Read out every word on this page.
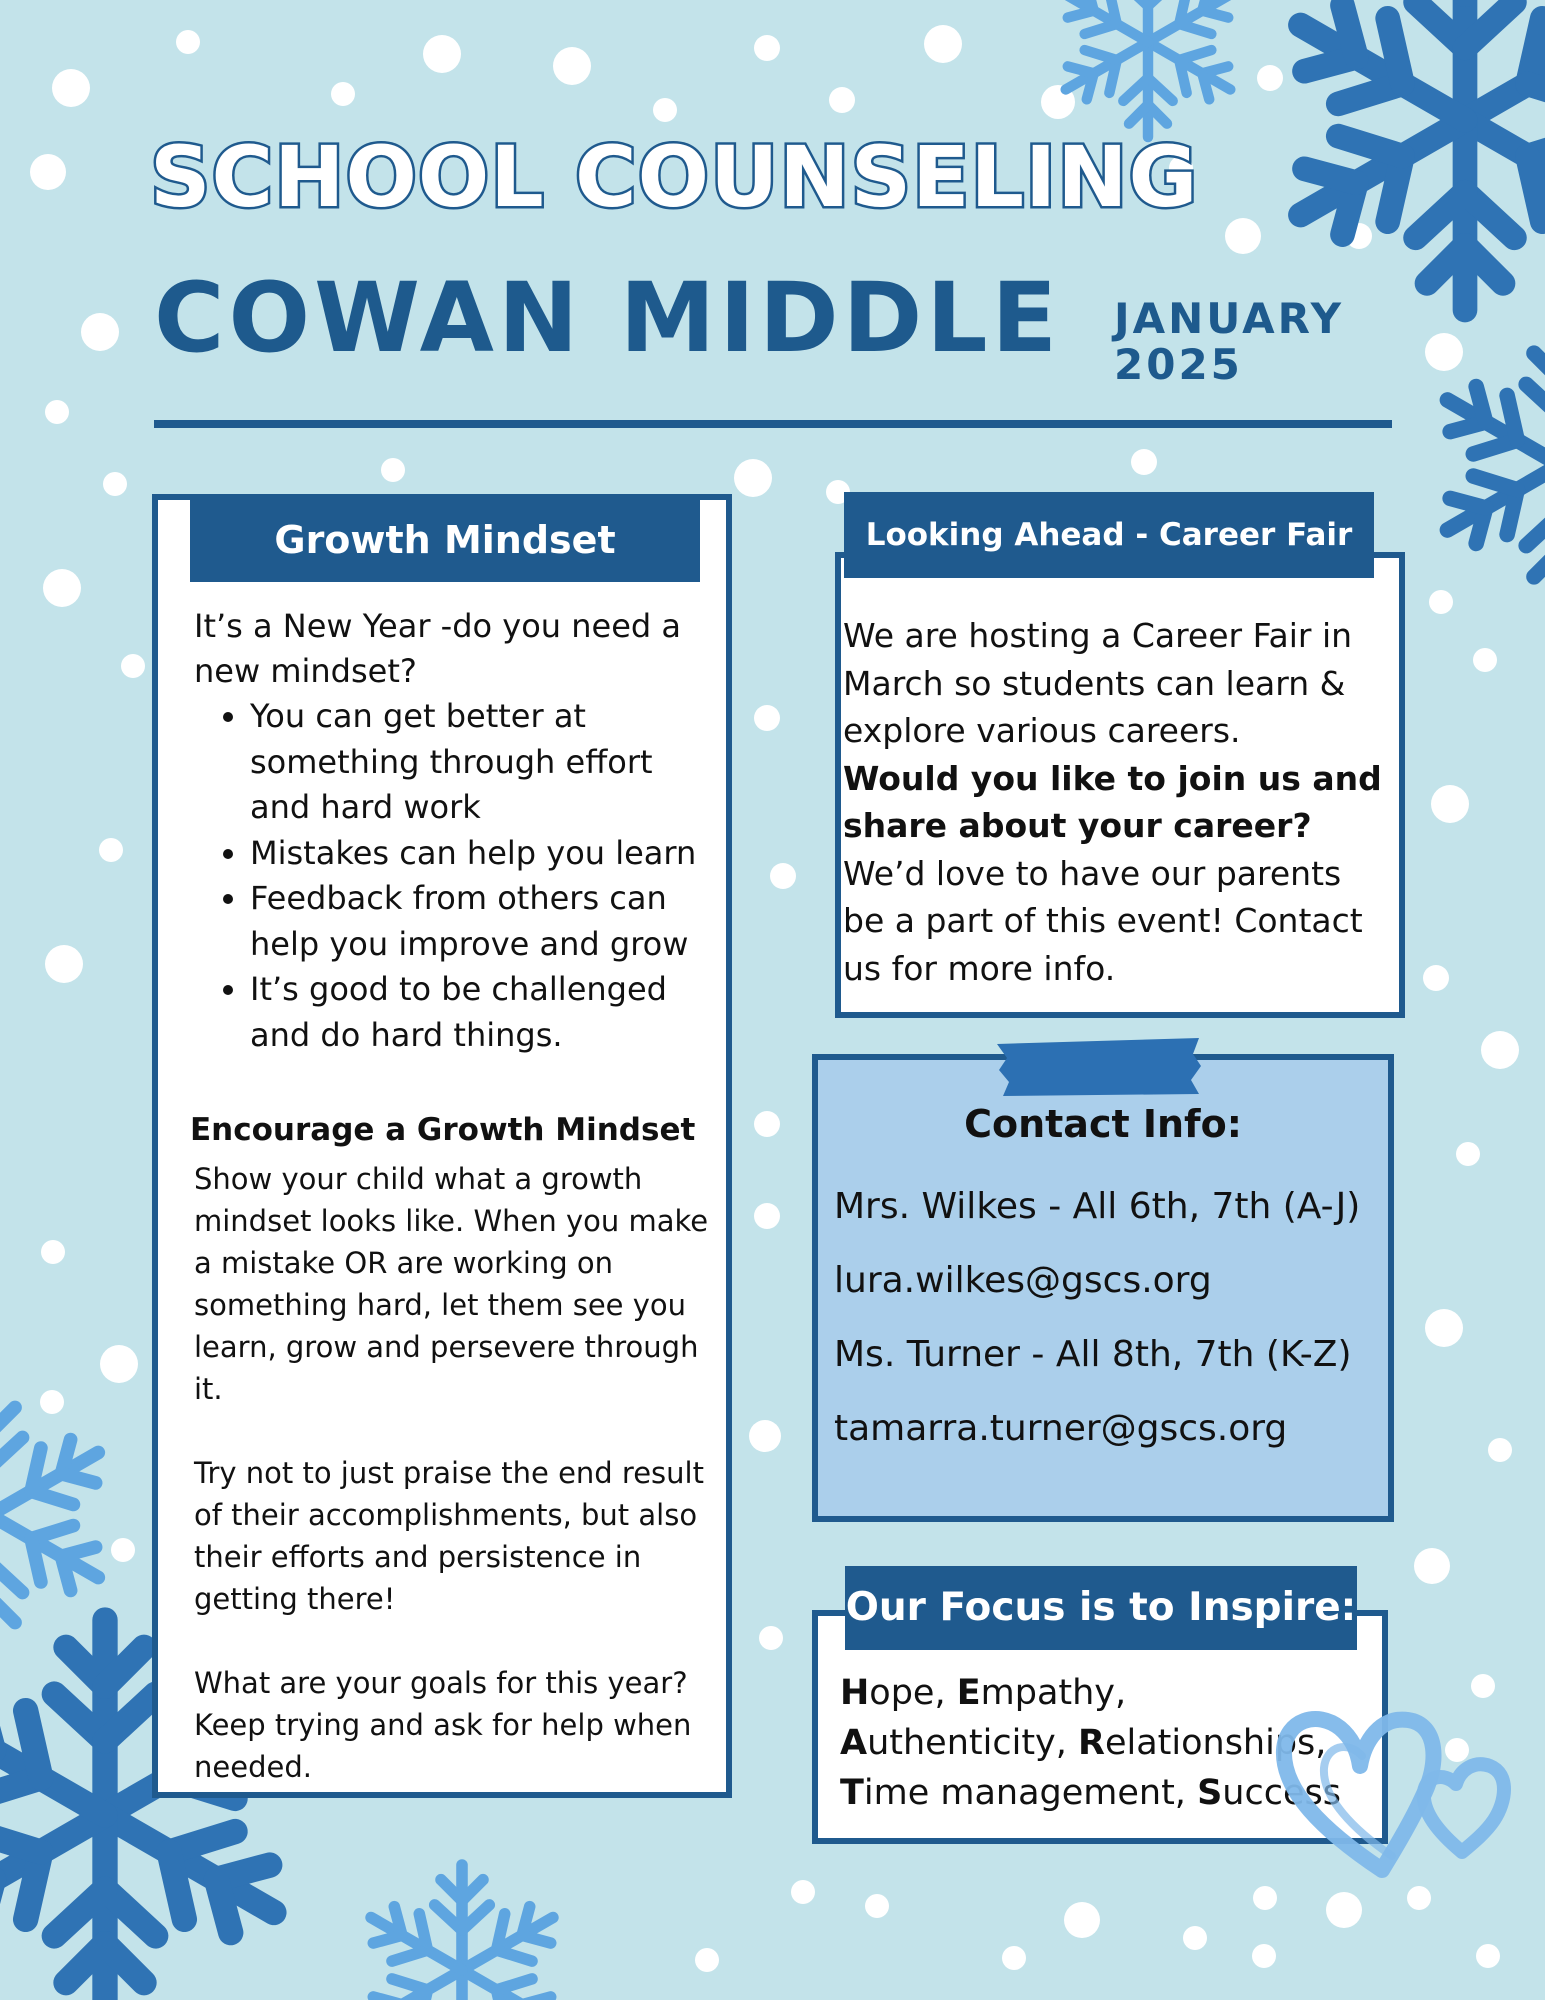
SCHOOL COUNSELING
COWAN MIDDLE JANUARY
2025
Growth Mindset
It’s a New Year -do you need a new mindset?
• You can get better at something through effort and hard work
• Mistakes can help you learn
• Feedback from others can help you improve and grow
• It’s good to be challenged and do hard things.
Encourage a Growth Mindset

Show your child what a growth mindset looks like. When you make a mistake OR are working on something hard, let them see you learn, grow and persevere through it.

Try not to just praise the end result of their accomplishments, but also their efforts and persistence in getting there!

What are your goals for this year? Keep trying and ask for help when needed.

Looking Ahead - Career Fair
We are hosting a Career Fair in March so students can learn & explore various careers.
Would you like to join us and share about your career?
We’d love to have our parents be a part of this event! Contact us for more info.
Contact Info:
Mrs. Wilkes - All 6th, 7th (A-J)
lura.wilkes@gscs.org
Ms. Turner - All 8th, 7th (K-Z)
tamarra.turner@gscs.org
Our Focus is to Inspire:
Hope, Empathy, Authenticity, Relationships, Time management, Success
